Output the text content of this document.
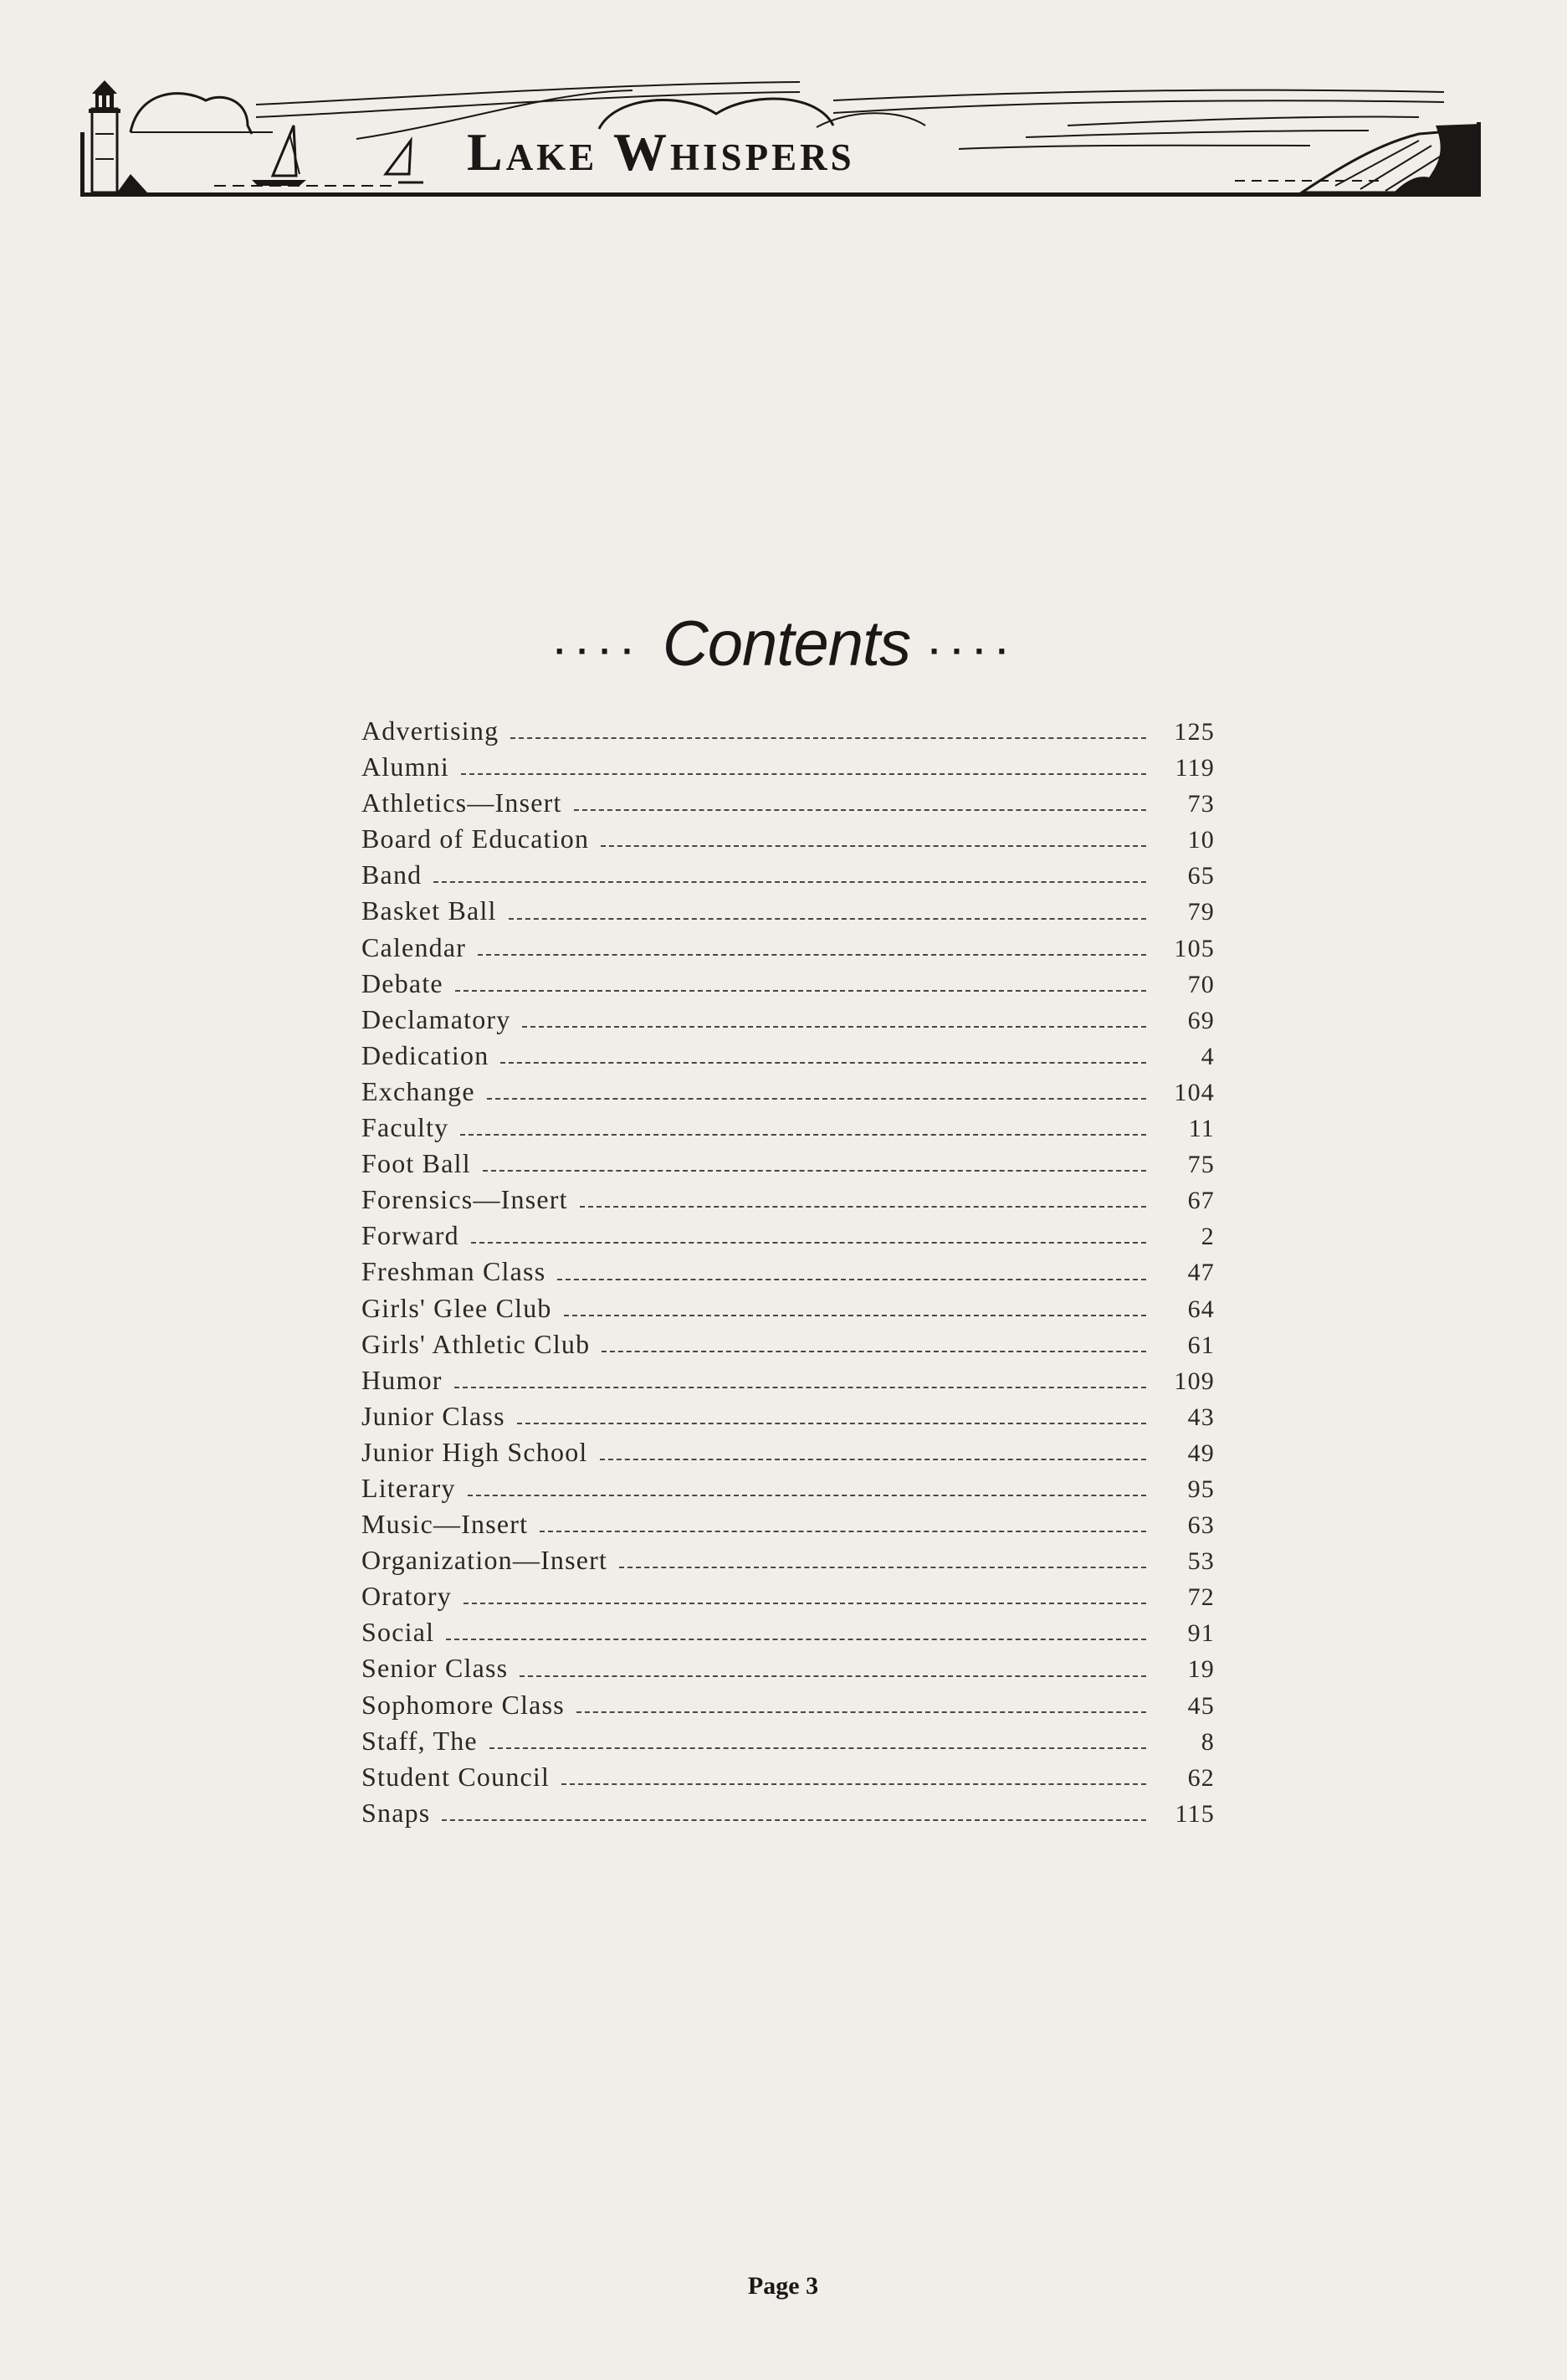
Lake Whispers
.... Contents ....
Advertising	125
Alumni	119
Athletics—Insert	73
Board of Education	10
Band	65
Basket Ball	79
Calendar	105
Debate	70
Declamatory	69
Dedication	4
Exchange	104
Faculty	11
Foot Ball	75
Forensics—Insert	67
Forward	2
Freshman Class	47
Girls' Glee Club	64
Girls' Athletic Club	61
Humor	109
Junior Class	43
Junior High School	49
Literary	95
Music—Insert	63
Organization—Insert	53
Oratory	72
Social	91
Senior Class	19
Sophomore Class	45
Staff, The	8
Student Council	62
Snaps	115
Page 3
